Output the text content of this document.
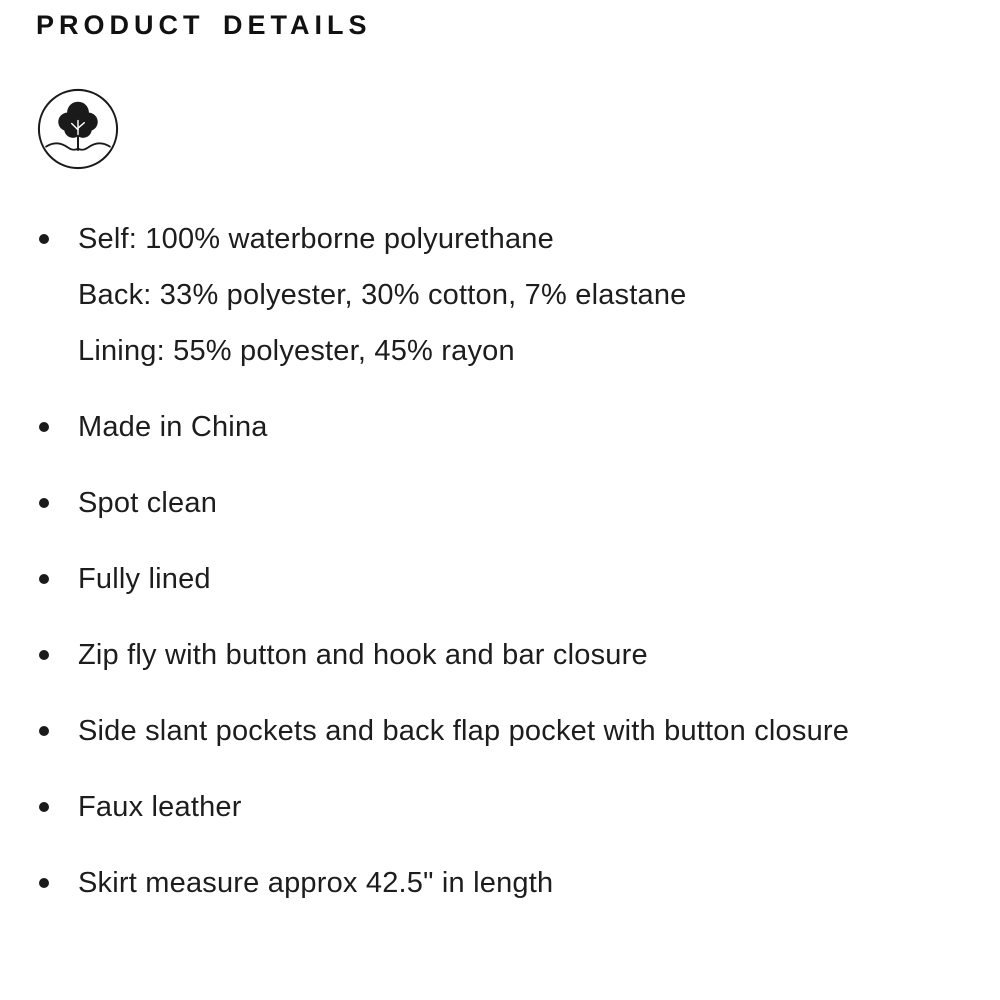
PRODUCT DETAILS
Self: 100% waterborne polyurethane
Back: 33% polyester, 30% cotton, 7% elastane
Lining: 55% polyester, 45% rayon
Made in China
Spot clean
Fully lined
Zip fly with button and hook and bar closure
Side slant pockets and back flap pocket with button closure
Faux leather
Skirt measure approx 42.5" in length
